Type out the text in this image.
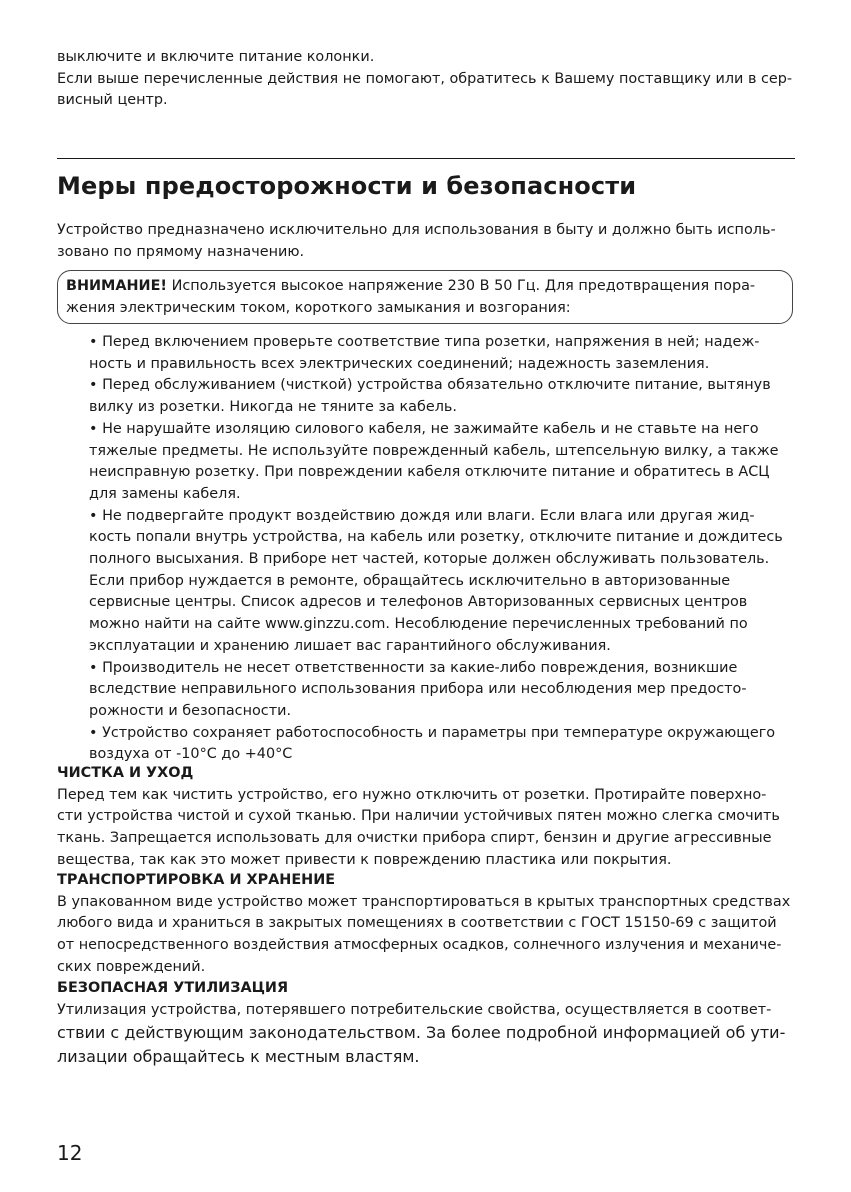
выключите и включите питание колонки.
Если выше перечисленные действия не помогают, обратитесь к Вашему поставщику или в сер-
висный центр.
Меры предосторожности и безопасности
Устройство предназначено исключительно для использования в быту и должно быть исполь-
зовано по прямому назначению.
ВНИМАНИЕ! Используется высокое напряжение 230 В 50 Гц. Для предотвращения пора-
жения электрическим током, короткого замыкания и возгорания:
• Перед включением проверьте соответствие типа розетки, напряжения в ней; надеж-
ность и правильность всех электрических соединений; надежность заземления.
• Перед обслуживанием (чисткой) устройства обязательно отключите питание, вытянув
вилку из розетки. Никогда не тяните за кабель.
• Не нарушайте изоляцию силового кабеля, не зажимайте кабель и не ставьте на него
тяжелые предметы. Не используйте поврежденный кабель, штепсельную вилку, а также
неисправную розетку. При повреждении кабеля отключите питание и обратитесь в АСЦ
для замены кабеля.
• Не подвергайте продукт воздействию дождя или влаги. Если влага или другая жид-
кость попали внутрь устройства, на кабель или розетку, отключите питание и дождитесь
полного высыхания. В приборе нет частей, которые должен обслуживать пользователь.
Если прибор нуждается в ремонте, обращайтесь исключительно в авторизованные
сервисные центры. Список адресов и телефонов Авторизованных сервисных центров
можно найти на сайте www.ginzzu.com. Несоблюдение перечисленных требований по
эксплуатации и хранению лишает вас гарантийного обслуживания.
• Производитель не несет ответственности за какие-либо повреждения, возникшие
вследствие неправильного использования прибора или несоблюдения мер предосто-
рожности и безопасности.
• Устройство сохраняет работоспособность и параметры при температуре окружающего
воздуха от -10°C до +40°C
ЧИСТКА И УХОД
Перед тем как чистить устройство, его нужно отключить от розетки. Протирайте поверхно-
сти устройства чистой и сухой тканью. При наличии устойчивых пятен можно слегка смочить
ткань. Запрещается использовать для очистки прибора спирт, бензин и другие агрессивные
вещества, так как это может привести к повреждению пластика или покрытия.
ТРАНСПОРТИРОВКА И ХРАНЕНИЕ
В упакованном виде устройство может транспортироваться в крытых транспортных средствах
любого вида и храниться в закрытых помещениях в соответствии с ГОСТ 15150-69 с защитой
от непосредственного воздействия атмосферных осадков, солнечного излучения и механиче-
ских повреждений.
БЕЗОПАСНАЯ УТИЛИЗАЦИЯ
Утилизация устройства, потерявшего потребительские свойства, осуществляется в соответ-
ствии с действующим законодательством. За более подробной информацией об ути-
лизации обращайтесь к местным властям.
12
